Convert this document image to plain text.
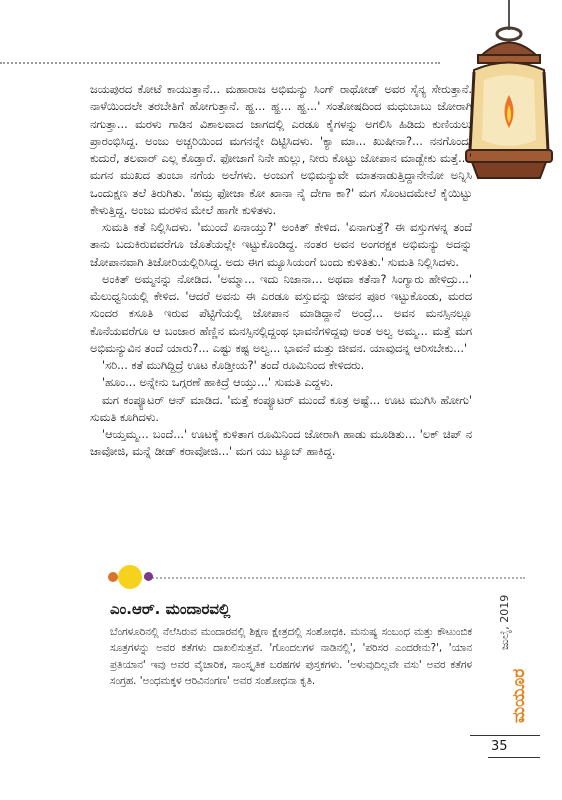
ಜಯಪುರದ ಕೋಟೆ ಕಾಯುತ್ತಾನೆ... ಮಹಾರಾಜ ಅಭಿಮನ್ಯು ಸಿಂಗ್ ರಾಥೋಡ್ ಅವರ ಸೈನ್ಯ ಸೇರುತ್ತಾನೆ. ನಾಳೆಯಿಂದಲೇ ತರಬೇತಿಗೆ ಹೋಗುತ್ತಾನೆ. ಹ್ಹ... ಹ್ಹ... ಹ್ಹ...' ಸಂತೋಷದಿಂದ ಮಧುಬಾಬು ಜೋರಾಗಿ ನಗುತ್ತಾ... ಮರಳು ಗಾಡಿನ ವಿಶಾಲವಾದ ಜಾಗದಲ್ಲಿ ಎರಡೂ ಕೈಗಳನ್ನು ಅಗಲಿಸಿ ಹಿಡಿದು ಕುಣಿಯಲು ಪ್ರಾರಂಭಿಸಿದ್ದ. ಅಂಜು ಅಚ್ಚರಿಯಿಂದ ಮಗನನ್ನೇ ದಿಟ್ಟಿಸಿದಳು. 'ಕ್ಯಾ ಮಾ... ಖುಷೀನಾ?... ನನಗೊಂದು ಕುದುರೆ, ತಲವಾರ್ ಎಲ್ಲ ಕೊಡ್ತಾರೆ. ಫೋಜಾಗೆ ನಿನೇ ಹುಲ್ಲು, ನೀರು ಕೊಟ್ಟು ಜೋಪಾನ ಮಾಡ್ಬೇಕು ಮತ್ತೆ...' ಮಗನ ಮುಖದ ತುಂಬಾ ನಗೆಯ ಅಲೆಗಳು. ಅಂಜುಗೆ ಅಭಿಮನ್ಯುವೇ ಮಾತನಾಡುತ್ತಿದ್ದಾನೇನೋ ಅನ್ನಿಸಿ ಒಂದುಕ್ಷಣ ತಲೆ ತಿರುಗಿತು. 'ಹಮ್ರ ಫೋಜಾ ಕೋ ಖಾನಾ ನೈ ದೇಗಾ ಕಾ?' ಮಗ ಸೊಂಟದಮೇಲೆ ಕೈಯಿಟ್ಟು ಕೇಳುತ್ತಿದ್ದ. ಅಂಜು ಮರಳಿನ ಮೇಲೆ ಹಾಗೇ ಕುಳಿತಳು.

ಸುಮತಿ ಕತೆ ನಿಲ್ಲಿಸಿದಳು. 'ಮುಂದೆ ಏನಾಯ್ತು?' ಅಂಕಿತ್ ಕೇಳಿದ. 'ಏನಾಗುತ್ತೆ? ಈ ವಸ್ತುಗಳನ್ನ ತಂದೆ ತಾನು ಬದುಕಿರುವವರೆಗೂ ಜೊತೆಯಲ್ಲೇ ಇಟ್ಟುಕೊಂಡಿದ್ದ. ನಂತರ ಅವನ ಅಂಗರಕ್ಷಕ ಅಭಿಮನ್ಯು ಅದನ್ನು ಜೋಪಾನವಾಗಿ ತಿಜೋರಿಯಲ್ಲಿರಿಸಿದ್ದ. ಅದು ಈಗ ಮ್ಯೂಸಿಯಂಗೆ ಬಂದು ಕುಳಿತಿತು.' ಸುಮತಿ ನಿಲ್ಲಿಸಿದಳು.

ಅಂಕಿತ್ ಅಮ್ಮನನ್ನು ನೋಡಿದ. 'ಅಮ್ಮಾ... ಇದು ನಿಜಾನಾ... ಅಥವಾ ಕತೆನಾ? ಸಿಂಗ್ಯಾರು ಹೇಳಿದ್ರು...' ಮೆಲುಧ್ವನಿಯಲ್ಲಿ ಕೇಳಿದ. 'ಆದರೆ ಅವನು ಈ ಎರಡೂ ವಸ್ತುವನ್ನು ಜೀವನ ಪೂರ ಇಟ್ಟುಕೊಂಡು, ಮರದ ಸುಂದರ ಕಸೂತಿ ಇರುವ ಪೆಟ್ಟಿಗೆಯಲ್ಲಿ ಜೋಪಾನ ಮಾಡಿದ್ದಾನೆ ಅಂದ್ರೆ... ಅವನ ಮನಸ್ಸಿನಲ್ಲೂ ಕೊನೆಯವರೆಗೂ ಆ ಬಂಜಾರ ಹೆಣ್ಣಿನ ಮನಸ್ಸಿನಲ್ಲಿದ್ದಂಥ ಭಾವನೆಗಳಿದ್ದವು ಅಂತ ಅಲ್ವ ಅಮ್ಮ... ಮತ್ತೆ ಮಗ ಅಭಿಮನ್ಯುವಿನ ತಂದೆ ಯಾರು?... ಎಷ್ಟು ಕಷ್ಟ ಅಲ್ವ... ಭಾವನೆ ಮತ್ತು ಜೀವನ. ಯಾವುದನ್ನ ಆರಿಸಬೇಕು...'

'ಸರಿ... ಕತೆ ಮುಗಿದ್ದಿದ್ರೆ ಊಟ ಕೊಡ್ತೀಯ?' ತಂದೆ ರೂಮಿನಿಂದ ಕೇಳಿದರು.

'ಹೂಂ... ಅನ್ನೇನು ಒಗ್ಗರಣೆ ಹಾಕಿದ್ರೆ ಆಯ್ತು...' ಸುಮತಿ ಎದ್ದಳು.

ಮಗ ಕಂಪ್ಯೂಟರ್ ಆನ್ ಮಾಡಿದ. 'ಮತ್ತೆ ಕಂಪ್ಯೂಟರ್ ಮುಂದೆ ಕೂತ್ರ ಅಷ್ಟೆ... ಊಟ ಮುಗಿಸಿ ಹೋಗು' ಸುಮತಿ ಕೂಗಿದಳು.

'ಆಯ್ತಮ್ಮ... ಬಂದೆ...' ಊಟಕ್ಕೆ ಕುಳಿತಾಗ ರೂಮಿನಿಂದ ಜೋರಾಗಿ ಹಾಡು ಮೂಡಿತು... 'ಲಕ್ ಚಿಪ್ ನ ಜಾವೋಜಿ, ಮನ್ನೆ ಡೀಡ್ ಕರಾವೋಜಿ...' ಮಗ ಯು ಟ್ಯೂಬ್ ಹಾಕಿದ್ದ.

ಎಂ.ಆರ್. ಮಂದಾರವಲ್ಲಿ

ಬೆಂಗಳೂರಿನಲ್ಲಿ ನೆಲೆಸಿರುವ ಮಂದಾರವಲ್ಲಿ ಶಿಕ್ಷಣ ಕ್ಷೇತ್ರದಲ್ಲಿ ಸಂಶೋಧಕಿ. ಮನುಷ್ಯ ಸಂಬಂಧ ಮತ್ತು ಕೌಟುಂಬಿಕ ಸೂತ್ರಗಳನ್ನು ಅವರ ಕತೆಗಳು ದಾಖಲಿಸುತ್ತವೆ. 'ಗೊಂದಲಗಳ ನಾಡಿನಲ್ಲಿ', 'ಪರಿಸರ ಎಂದರೇನು?', 'ಯಾನ ಪ್ರತಿಯಾನ' ಇವು ಅವರ ವೈಚಾರಿಕ, ಸಾಂಸ್ಕೃತಿಕ ಬರಹಗಳ ಪುಸ್ತಕಗಳು. 'ಅಳುವುದಿಲ್ಲವೇ ವಸು' ಅವರ ಕತೆಗಳ ಸಂಗ್ರಹ. 'ಅಂಧಮಕ್ಕಳ ಆರಿವಿನಂಗಣ' ಅವರ ಸಂಶೋಧನಾ ಕೃತಿ.

ಜುಲೈ, 2019
ಮಯೂರ
35
